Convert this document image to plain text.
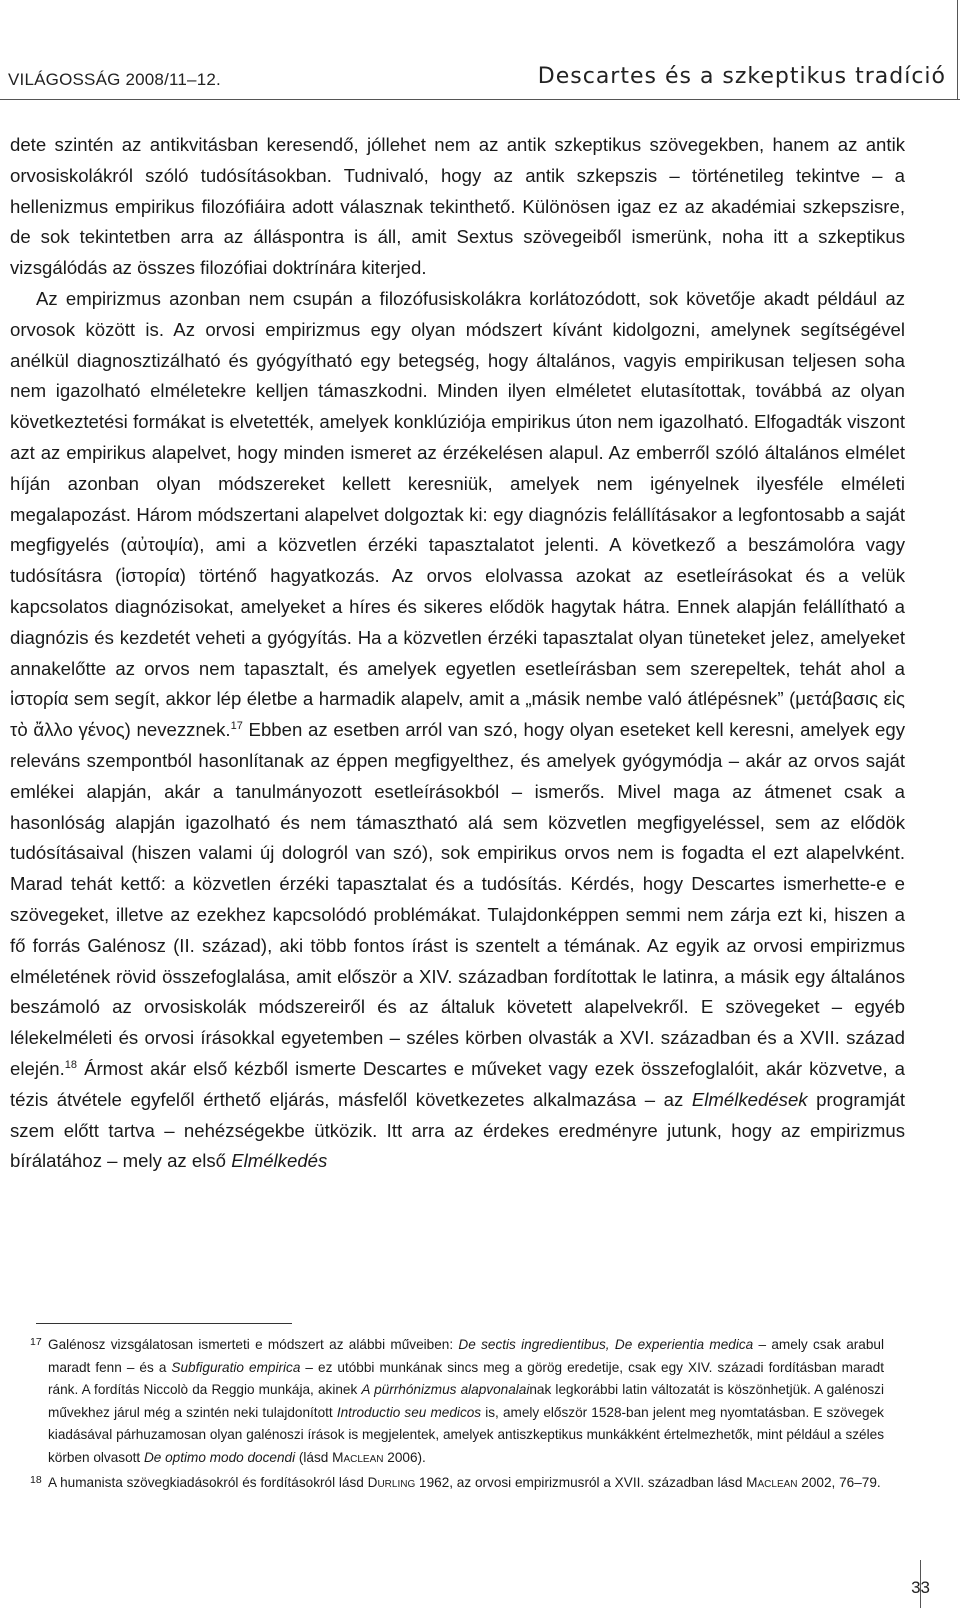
VILÁGOSSÁG 2008/11–12.	Descartes és a szkeptikus tradíció

dete szintén az antikvitásban keresendő, jóllehet nem az antik szkeptikus szövegekben, hanem az antik orvosiskolákról szóló tudósításokban. Tudnivaló, hogy az antik szkepszis – történetileg tekintve – a hellenizmus empirikus filozófiáira adott válasznak tekinthető. Különösen igaz ez az akadémiai szkepszisre, de sok tekintetben arra az álláspontra is áll, amit Sextus szövegeiből ismerünk, noha itt a szkeptikus vizsgálódás az összes filozófiai doktrínára kiterjed.

Az empirizmus azonban nem csupán a filozófusiskolákra korlátozódott, sok követője akadt például az orvosok között is. Az orvosi empirizmus egy olyan módszert kívánt kidolgozni, amelynek segítségével anélkül diagnosztizálható és gyógyítható egy betegség, hogy általános, vagyis empirikusan teljesen soha nem igazolható elméletekre kelljen támaszkodni. Minden ilyen elméletet elutasítottak, továbbá az olyan következtetési formákat is elvetették, amelyek konklúziója empirikus úton nem igazolható. Elfogadták viszont azt az empirikus alapelvet, hogy minden ismeret az érzékelésen alapul. Az emberről szóló általános elmélet híján azonban olyan módszereket kellett keresniük, amelyek nem igényelnek ilyesféle elméleti megalapozást. Három módszertani alapelvet dolgoztak ki: egy diagnózis felállításakor a legfontosabb a saját megfigyelés (αὐτοψία), ami a közvetlen érzéki tapasztalatot jelenti. A következő a beszámolóra vagy tudósításra (ἱστορία) történő hagyatkozás. Az orvos elolvassa azokat az esetleírásokat és a velük kapcsolatos diagnózisokat, amelyeket a híres és sikeres elődök hagytak hátra. Ennek alapján felállítható a diagnózis és kezdetét veheti a gyógyítás. Ha a közvetlen érzéki tapasztalat olyan tüneteket jelez, amelyeket annakelőtte az orvos nem tapasztalt, és amelyek egyetlen esetleírásban sem szerepeltek, tehát ahol a ἱστορία sem segít, akkor lép életbe a harmadik alapelv, amit a „másik nembe való átlépésnek” (μετάβασις εἰς τὸ ἄλλο γένος) nevezznek.$^{17}$ Ebben az esetben arról van szó, hogy olyan eseteket kell keresni, amelyek egy releváns szempontból hasonlítanak az éppen megfigyelthez, és amelyek gyógymódja – akár az orvos saját emlékei alapján, akár a tanulmányozott esetleírásokból – ismerős. Mivel maga az átmenet csak a hasonlóság alapján igazolható és nem támasztható alá sem közvetlen megfigyeléssel, sem az elődök tudósításaival (hiszen valami új dologról van szó), sok empirikus orvos nem is fogadta el ezt alapelvként. Marad tehát kettő: a közvetlen érzéki tapasztalat és a tudósítás. Kérdés, hogy Descartes ismerhette-e e szövegeket, illetve az ezekhez kapcsolódó problémákat. Tulajdonképpen semmi nem zárja ezt ki, hiszen a fő forrás Galénosz (II. század), aki több fontos írást is szentelt a témának. Az egyik az orvosi empirizmus elméletének rövid összefoglalása, amit először a XIV. században fordítottak le latinra, a másik egy általános beszámoló az orvosiskolák módszereiről és az általuk követett alapelvekről. E szövegeket – egyéb lélekelméleti és orvosi írásokkal egyetemben – széles körben olvasták a XVI. században és a XVII. század elején.$^{18}$ Ármost akár első kézből ismerte Descartes e műveket vagy ezek összefoglalóit, akár közvetve, a tézis átvétele egyfelől érthető eljárás, másfelől következetes alkalmazása – az Elmélkedések programját szem előtt tartva – nehézségekbe ütközik. Itt arra az érdekes eredményre jutunk, hogy az empirizmus bírálatához – mely az első Elmélkedés

17 Galénosz vizsgálatosan ismertetі e módszert az alábbi műveiben: De sectis ingredientibus, De experientia medica – amely csak arabul maradt fenn – és a Subfiguratio empirica – ez utóbbi munkának sincs meg a görög eredetije, csak egy XIV. századi fordításban maradt ránk. A fordítás Niccolò da Reggio munkája, akinek A pürrhónizmus alapvonalainak legkorábbi latin változatát is köszönhetjük. A galénoszi művekhez járul még a szintén neki tulajdonított Introductio seu medicos is, amely először 1528-ban jelent meg nyomtatásban. E szövegek kiadásával párhuzamosan olyan galénoszi írások is megjelentek, amelyek antiszkeptikus munkákként értelmezhetők, mint például a széles körben olvasott De optimo modo docendi (lásd Maclean 2006).

18 A humanista szövegkiadásokról és fordításokról lásd Durling 1962, az orvosi empirizmusról a XVII. században lásd Maclean 2002, 76–79.

33
